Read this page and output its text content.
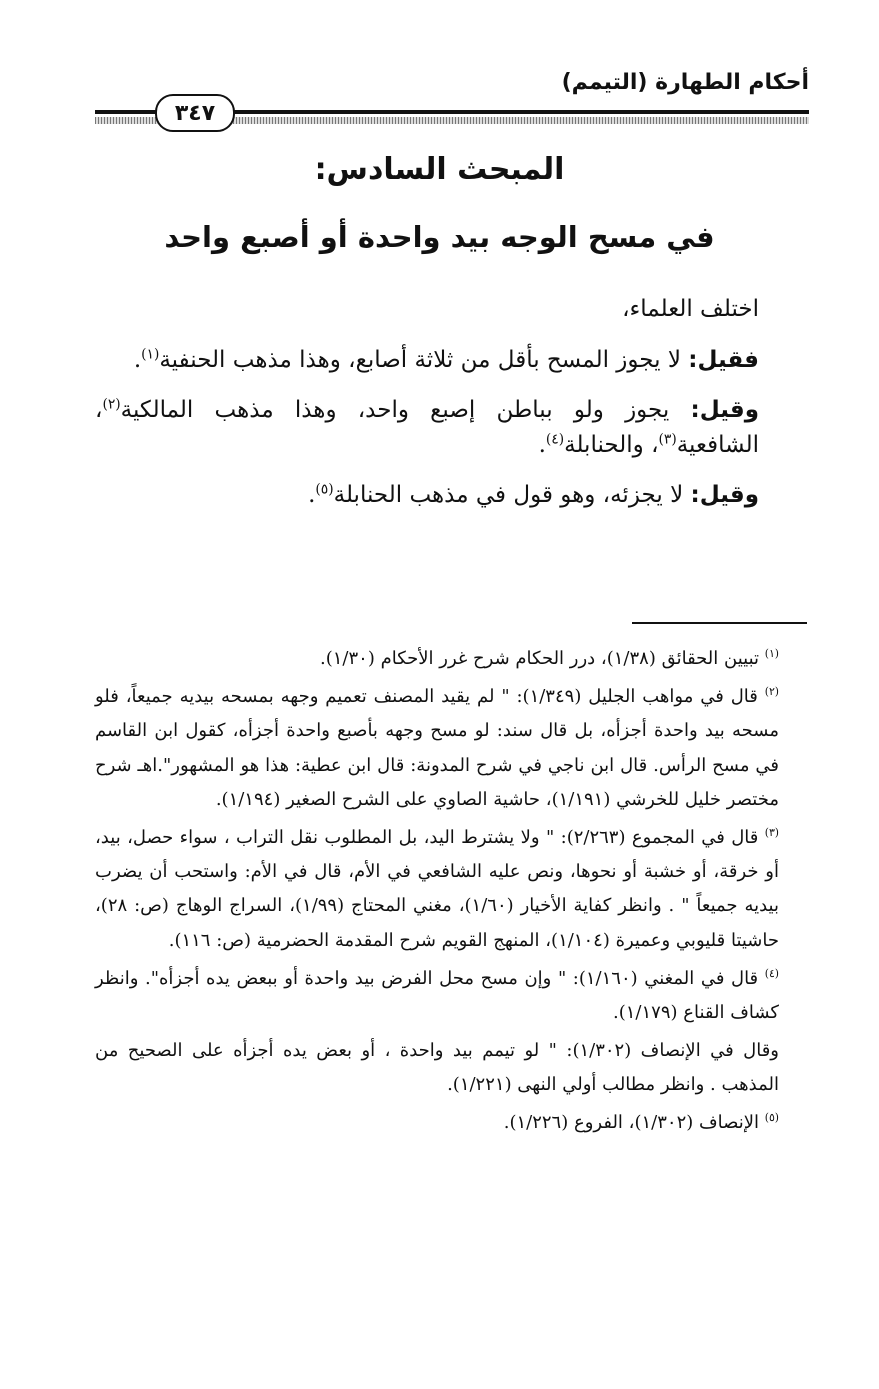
أحكام الطهارة (التيمم)
٣٤٧
المبحث السادس:
في مسح الوجه بيد واحدة أو أصبع واحد

اختلف العلماء،

فقيل: لا يجوز المسح بأقل من ثلاثة أصابع، وهذا مذهب الحنفية$^{(١)}$.

وقيل: يجوز ولو بباطن إصبع واحد، وهذا مذهب المالكية$^{(٢)}$، الشافعية$^{(٣)}$، والحنابلة$^{(٤)}$.

وقيل: لا يجزئه، وهو قول في مذهب الحنابلة$^{(٥)}$.

$^{(١)}$ تبيين الحقائق (١/٣٨)، درر الحكام شرح غرر الأحكام (١/٣٠).

$^{(٢)}$ قال في مواهب الجليل (١/٣٤٩): " لم يقيد المصنف تعميم وجهه بمسحه بيديه جميعاً، فلو مسحه بيد واحدة أجزأه، بل قال سند: لو مسح وجهه بأصبع واحدة أجزأه، كقول ابن القاسم في مسح الرأس. قال ابن ناجي في شرح المدونة: قال ابن عطية: هذا هو المشهور".اهـ شرح مختصر خليل للخرشي (١/١٩١)، حاشية الصاوي على الشرح الصغير (١/١٩٤).

$^{(٣)}$ قال في المجموع (٢/٢٦٣): " ولا يشترط اليد، بل المطلوب نقل التراب ، سواء حصل، بيد، أو خرقة، أو خشبة أو نحوها، ونص عليه الشافعي في الأم، قال في الأم: واستحب أن يضرب بيديه جميعاً " . وانظر كفاية الأخيار (١/٦٠)، مغني المحتاج (١/٩٩)، السراج الوهاج (ص: ٢٨)، حاشيتا قليوبي وعميرة (١/١٠٤)، المنهج القويم شرح المقدمة الحضرمية (ص: ١١٦).

$^{(٤)}$ قال في المغني (١/١٦٠): " وإن مسح محل الفرض بيد واحدة أو ببعض يده أجزأه". وانظر كشاف القناع (١/١٧٩).

وقال في الإنصاف (١/٣٠٢): " لو تيمم بيد واحدة ، أو بعض يده أجزأه على الصحيح من المذهب . وانظر مطالب أولي النهى (١/٢٢١).

$^{(٥)}$ الإنصاف (١/٣٠٢)، الفروع (١/٢٢٦).
